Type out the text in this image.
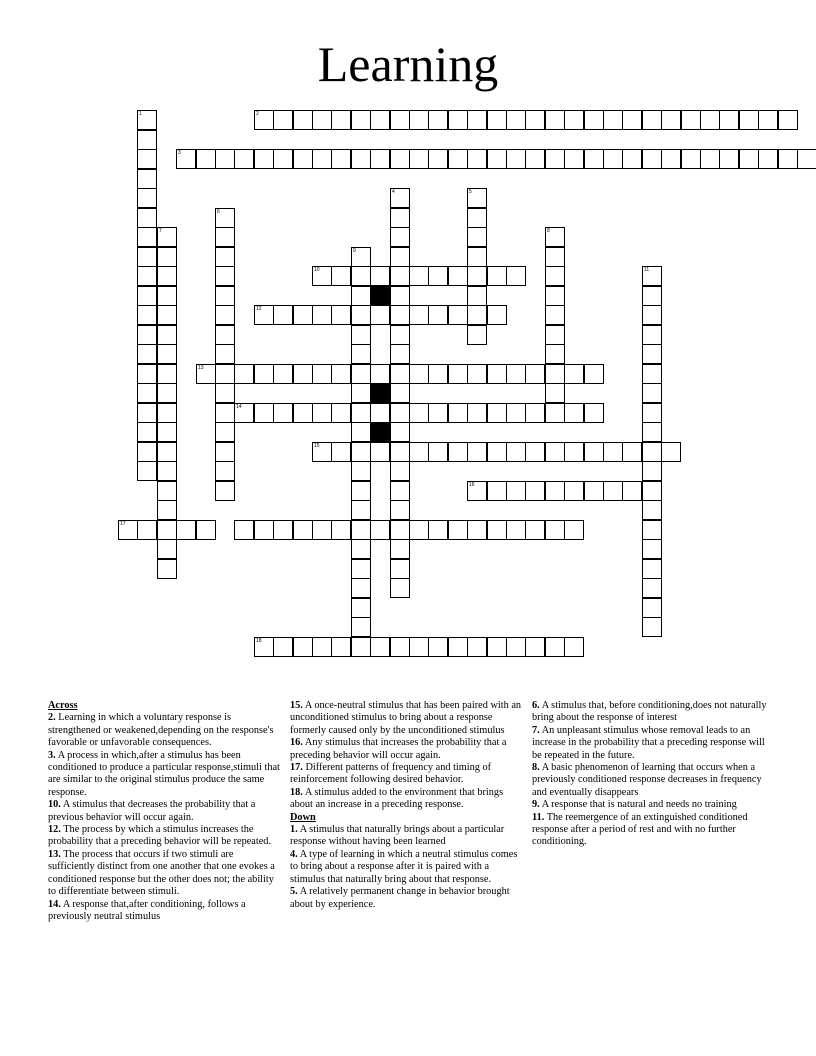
Learning
1	2
3
4	5
6
7	8
9
10	11
12
13
14
15
16
17
18

Across

2. Learning in which a voluntary response is strengthened or weakened,depending on the response's favorable or unfavorable consequences.

3. A process in which,after a stimulus has been conditioned to produce a particular response,stimuli that are similar to the original stimulus produce the same response.

10. A stimulus that decreases the probability that a previous behavior will occur again.

12. The process by which a stimulus increases the probability that a preceding behavior will be repeated.

13. The process that occurs if two stimuli are sufficiently distinct from one another that one evokes a conditioned response but the other does not; the ability to differentiate between stimuli.

14. A response that,after conditioning, follows a previously neutral stimulus

15. A once-neutral stimulus that has been paired with an unconditioned stimulus to bring about a response formerly caused only by the unconditioned stimulus

16. Any stimulus that increases the probability that a preceding behavior will occur again.

17. Different patterns of frequency and timing of reinforcement following desired behavior.

18. A stimulus added to the environment that brings about an increase in a preceding response.

Down

1. A stimulus that naturally brings about a particular response without having been learned

4. A type of learning in which a neutral stimulus comes to bring about a response after it is paired with a stimulus that naturally bring about that response.

5. A relatively permanent change in behavior brought about by experience.

6. A stimulus that, before conditioning,does not naturally bring about the response of interest

7. An unpleasant stimulus whose removal leads to an increase in the probability that a preceding response will be repeated in the future.

8. A basic phenomenon of learning that occurs when a previously conditioned response decreases in frequency and eventually disappears

9. A response that is natural and needs no training

11. The reemergence of an extinguished conditioned response after a period of rest and with no further conditioning.
